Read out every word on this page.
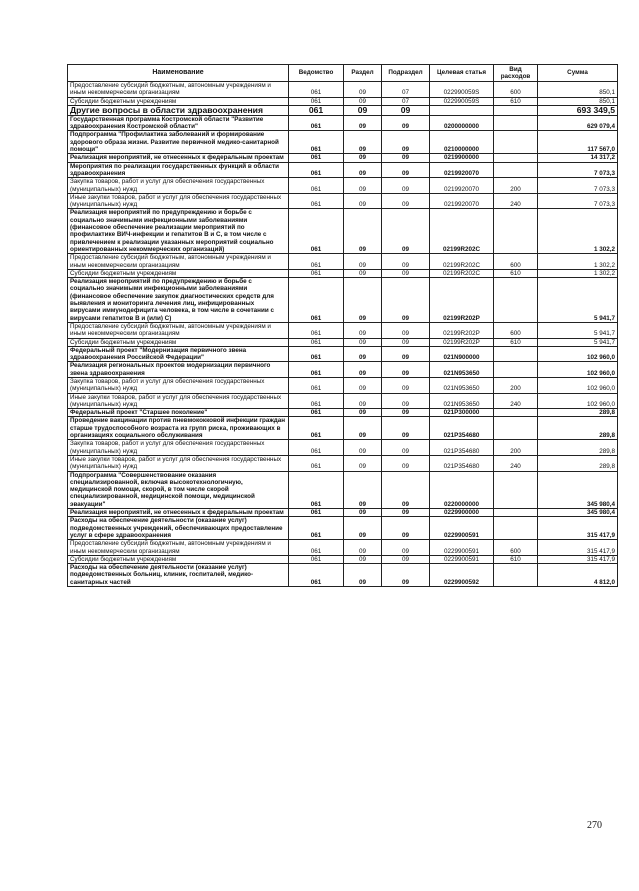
Наименование	Ведомство	Раздел	Подраздел	Целевая статья	Вид расходов	Сумма
Предоставление субсидий бюджетным, автономным учреждениям и иным некоммерческим организациям	061	09	07	022990059S	600	850,1
Субсидии бюджетным учреждениям	061	09	07	022990059S	610	850,1
Другие вопросы в области здравоохранения	061	09	09			693 349,5
Государственная программа Костромской области "Развитие здравоохранения Костромской области"	061	09	09	0200000000		629 079,4
Подпрограмма "Профилактика заболеваний и формирование здорового образа жизни. Развитие первичной медико-санитарной помощи"	061	09	09	0210000000		117 567,0
Реализация мероприятий, не отнесенных к федеральным проектам	061	09	09	0219900000		14 317,2
Мероприятия по реализации государственных функций в области здравоохранения	061	09	09	0219920070		7 073,3
Закупка товаров, работ и услуг для обеспечения государственных (муниципальных) нужд	061	09	09	0219920070	200	7 073,3
Иные закупки товаров, работ и услуг для обеспечения государственных (муниципальных) нужд	061	09	09	0219920070	240	7 073,3
Реализация мероприятий по предупреждению и борьбе с социально значимыми инфекционными заболеваниями (финансовое обеспечение реализации мероприятий по профилактике ВИЧ-инфекции и гепатитов В и С, в том числе с привлечением к реализации указанных мероприятий социально ориентированных некоммерческих организаций)	061	09	09	02199R202C		1 302,2
Предоставление субсидий бюджетным, автономным учреждениям и иным некоммерческим организациям	061	09	09	02199R202C	600	1 302,2
Субсидии бюджетным учреждениям	061	09	09	02199R202C	610	1 302,2
Реализация мероприятий по предупреждению и борьбе с социально значимыми инфекционными заболеваниями (финансовое обеспечение закупок диагностических средств для выявления и мониторинга лечения лиц, инфицированных вирусами иммунодефицита человека, в том числе в сочетании с вирусами гепатитов В и (или) С)	061	09	09	02199R202P		5 941,7
Предоставление субсидий бюджетным, автономным учреждениям и иным некоммерческим организациям	061	09	09	02199R202P	600	5 941,7
Субсидии бюджетным учреждениям	061	09	09	02199R202P	610	5 941,7
Федеральный проект "Модернизация первичного звена здравоохранения Российской Федерации"	061	09	09	021N900000		102 960,0
Реализация региональных проектов модернизации первичного звена здравоохранения	061	09	09	021N953650		102 960,0
Закупка товаров, работ и услуг для обеспечения государственных (муниципальных) нужд	061	09	09	021N953650	200	102 960,0
Иные закупки товаров, работ и услуг для обеспечения государственных (муниципальных) нужд	061	09	09	021N953650	240	102 960,0
Федеральный проект "Старшее поколение"	061	09	09	021P300000		289,8
Проведение вакцинации против пневмококковой инфекции граждан старше трудоспособного возраста из групп риска, проживающих в организациях социального обслуживания	061	09	09	021P354680		289,8
Закупка товаров, работ и услуг для обеспечения государственных (муниципальных) нужд	061	09	09	021P354680	200	289,8
Иные закупки товаров, работ и услуг для обеспечения государственных (муниципальных) нужд	061	09	09	021P354680	240	289,8
Подпрограмма "Совершенствование оказания специализированной, включая высокотехнологичную, медицинской помощи, скорой, в том числе скорой специализированной, медицинской помощи, медицинской эвакуации"	061	09	09	0220000000		345 980,4
Реализация мероприятий, не отнесенных к федеральным проектам	061	09	09	0229900000		345 980,4
Расходы на обеспечение деятельности (оказание услуг) подведомственных учреждений, обеспечивающих предоставление услуг в сфере здравоохранения	061	09	09	0229900591		315 417,9
Предоставление субсидий бюджетным, автономным учреждениям и иным некоммерческим организациям	061	09	09	0229900591	600	315 417,9
Субсидии бюджетным учреждениям	061	09	09	0229900591	610	315 417,9
Расходы на обеспечение деятельности (оказание услуг) подведомственных больниц, клиник, госпиталей, медико-санитарных частей	061	09	09	0229900592		4 812,0
270
